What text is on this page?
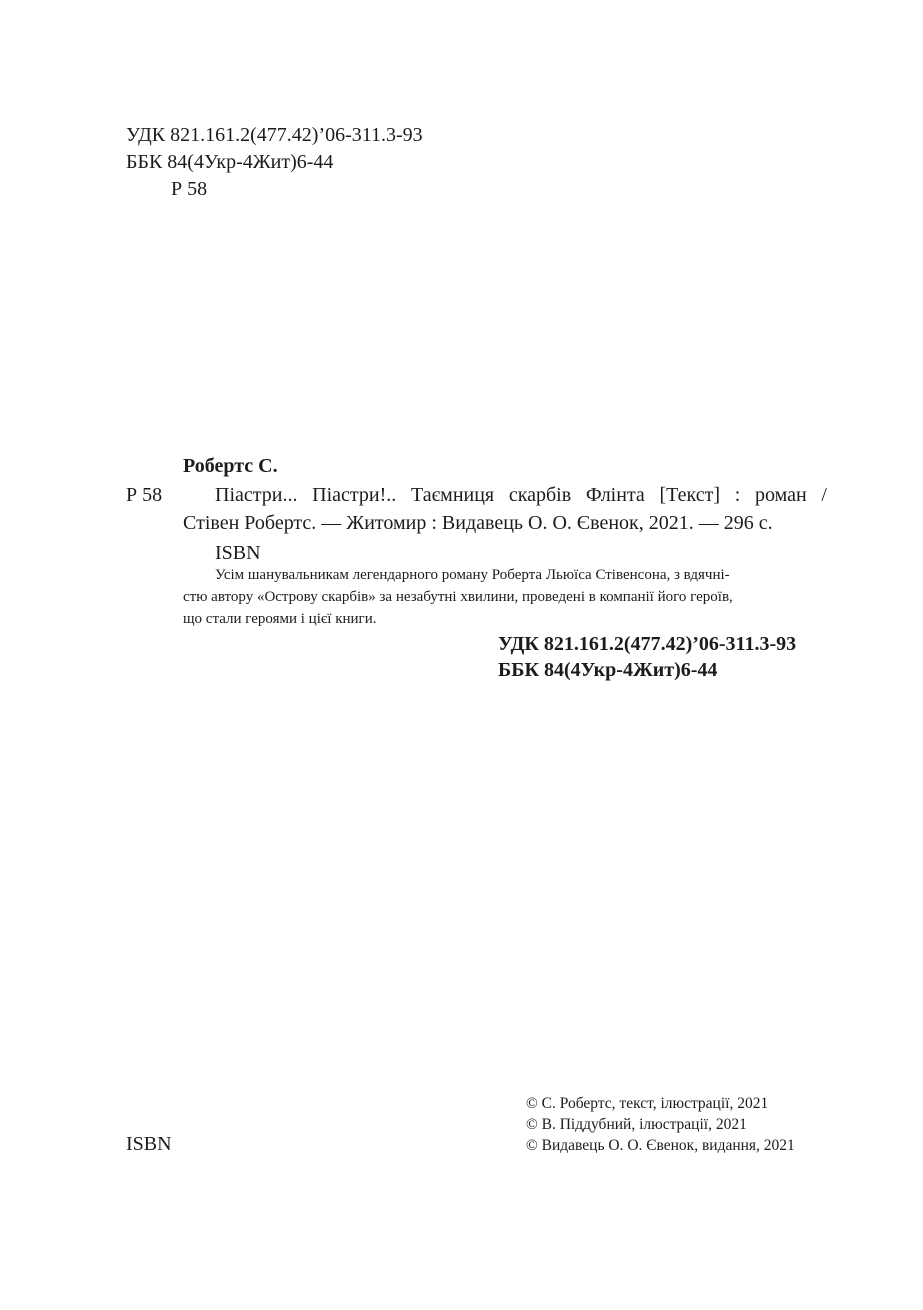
УДК 821.161.2(477.42)’06-311.3-93
ББК 84(4Укр-4Жит)6-44
Р 58
Робертс С.
Р 58	Піастри... Піастри!.. Таємниця скарбів Флінта [Текст] : роман /
Стівен Робертс. — Житомир : Видавець О. О. Євенок, 2021. — 296 с.
ISBN
Усім шанувальникам легендарного роману Роберта Льюїса Стівенсона, з вдячні-
стю автору «Острову скарбів» за незабутні хвилини, проведені в компанії його героїв,
що стали героями і цієї книги.
УДК 821.161.2(477.42)’06-311.3-93
ББК 84(4Укр-4Жит)6-44
ISBN
© С. Робертс, текст, ілюстрації, 2021
© В. Піддубний, ілюстрації, 2021
© Видавець О. О. Євенок, видання, 2021
